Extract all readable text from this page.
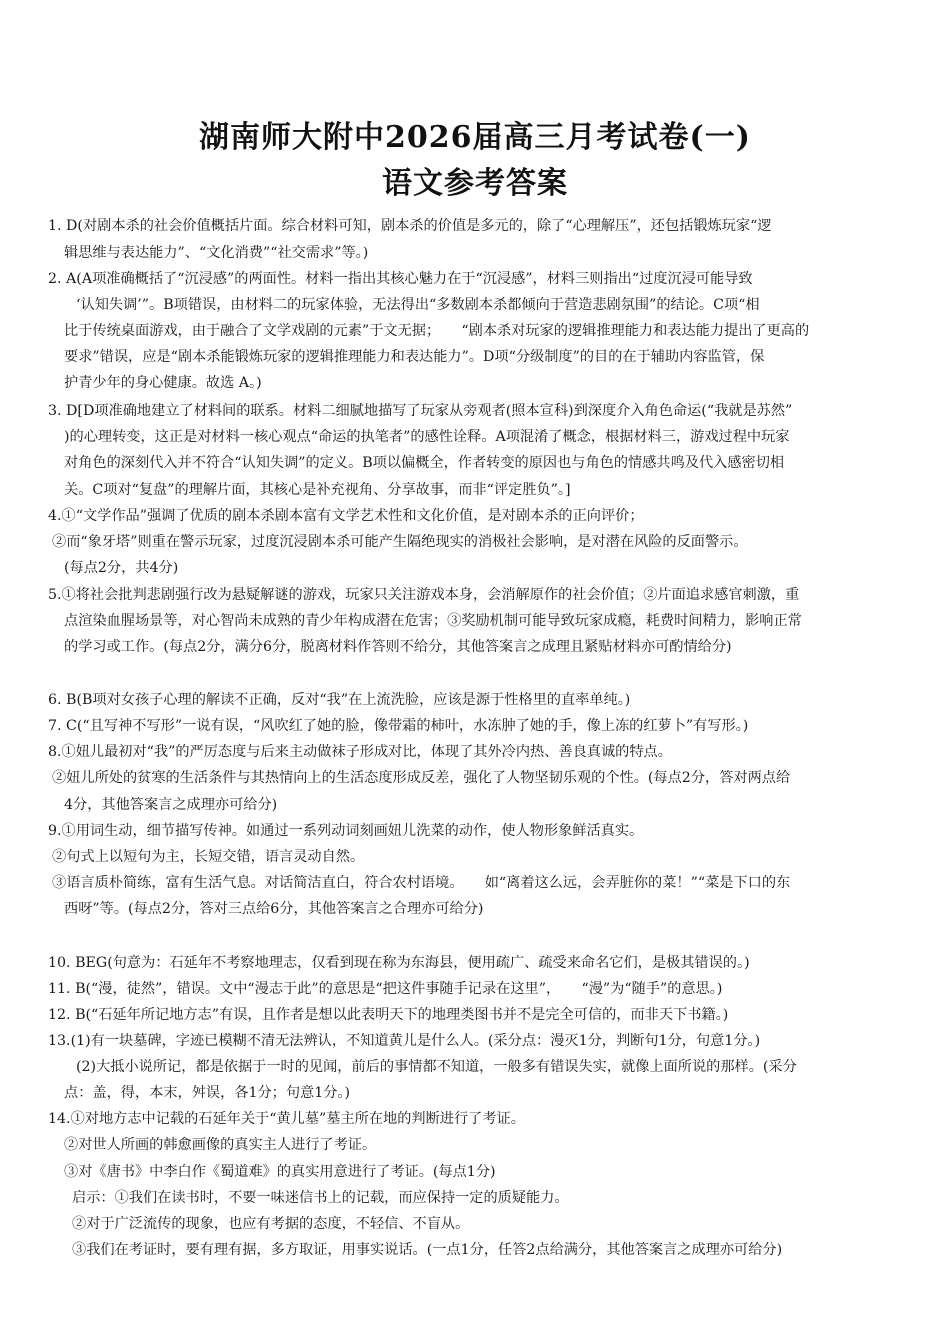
湖南师大附中2026届高三月考试卷(一)
语文参考答案
1. D(对剧本杀的社会价值概括片面。综合材料可知，剧本杀的价值是多元的，除了“心理解压”，还包括锻炼玩家“逻
辑思维与表达能力”、“文化消费”“社交需求”等。)
2. A(A项准确概括了“沉浸感”的两面性。材料一指出其核心魅力在于“沉浸感”，材料三则指出“过度沉浸可能导致
‘认知失调’”。B项错误，由材料二的玩家体验，无法得出“多数剧本杀都倾向于营造悲剧氛围”的结论。C项“相
比于传统桌面游戏，由于融合了文学戏剧的元素”于文无据；　　“剧本杀对玩家的逻辑推理能力和表达能力提出了更高的
要求”错误，应是“剧本杀能锻炼玩家的逻辑推理能力和表达能力”。D项“分级制度”的目的在于辅助内容监管，保
护青少年的身心健康。故选 A。)
3. D[D项准确地建立了材料间的联系。材料二细腻地描写了玩家从旁观者(照本宣科)到深度介入角色命运(“我就是苏然”
)的心理转变，这正是对材料一核心观点“命运的执笔者”的感性诠释。A项混淆了概念，根据材料三，游戏过程中玩家
对角色的深刻代入并不符合“认知失调”的定义。B项以偏概全，作者转变的原因也与角色的情感共鸣及代入感密切相
关。C项对“复盘”的理解片面，其核心是补充视角、分享故事，而非“评定胜负”。]
4.①“文学作品”强调了优质的剧本杀剧本富有文学艺术性和文化价值，是对剧本杀的正向评价；
②而“象牙塔”则重在警示玩家，过度沉浸剧本杀可能产生隔绝现实的消极社会影响，是对潜在风险的反面警示。
(每点2分，共4分)
5.①将社会批判悲剧强行改为悬疑解谜的游戏，玩家只关注游戏本身，会消解原作的社会价值；②片面追求感官刺激，重
点渲染血腥场景等，对心智尚未成熟的青少年构成潜在危害；③奖励机制可能导致玩家成瘾，耗费时间精力，影响正常
的学习或工作。(每点2分，满分6分，脱离材料作答则不给分，其他答案言之成理且紧贴材料亦可酌情给分)
6. B(B项对女孩子心理的解读不正确，反对“我”在上流洗脸，应该是源于性格里的直率单纯。)
7. C(“且写神不写形”一说有误，“风吹红了她的脸，像带霜的柿叶，水冻肿了她的手，像上冻的红萝卜”有写形。)
8.①妞儿最初对“我”的严厉态度与后来主动做袜子形成对比，体现了其外冷内热、善良真诚的特点。
②妞儿所处的贫寒的生活条件与其热情向上的生活态度形成反差，强化了人物坚韧乐观的个性。(每点2分，答对两点给
4分，其他答案言之成理亦可给分)
9.①用词生动，细节描写传神。如通过一系列动词刻画妞儿洗菜的动作，使人物形象鲜活真实。
②句式上以短句为主，长短交错，语言灵动自然。
③语言质朴简练，富有生活气息。对话简洁直白，符合农村语境。　　如“离着这么远，会弄脏你的菜！”“菜是下口的东
西呀”等。(每点2分，答对三点给6分，其他答案言之合理亦可给分)
10. BEG(句意为：石延年不考察地理志，仅看到现在称为东海县，便用疏广、疏受来命名它们，是极其错误的。)
11. B(“漫，徒然”，错误。文中“漫志于此”的意思是“把这件事随手记录在这里”，　　“漫”为“随手”的意思。)
12. B(“石延年所记地方志”有误，且作者是想以此表明天下的地理类图书并不是完全可信的，而非天下书籍。)
13.(1)有一块墓碑，字迹已模糊不清无法辨认，不知道黄儿是什么人。(采分点：漫灭1分，判断句1分，句意1分。)
(2)大抵小说所记，都是依据于一时的见闻，前后的事情都不知道，一般多有错误失实，就像上面所说的那样。(采分
点：盖，得，本末，舛误，各1分；句意1分。)
14.①对地方志中记载的石延年关于“黄儿墓”墓主所在地的判断进行了考证。
②对世人所画的韩愈画像的真实主人进行了考证。
③对《唐书》中李白作《蜀道难》的真实用意进行了考证。(每点1分)
启示：①我们在读书时，不要一味迷信书上的记载，而应保持一定的质疑能力。
②对于广泛流传的现象，也应有考据的态度，不轻信、不盲从。
③我们在考证时，要有理有据，多方取证，用事实说话。(一点1分，任答2点给满分，其他答案言之成理亦可给分)
